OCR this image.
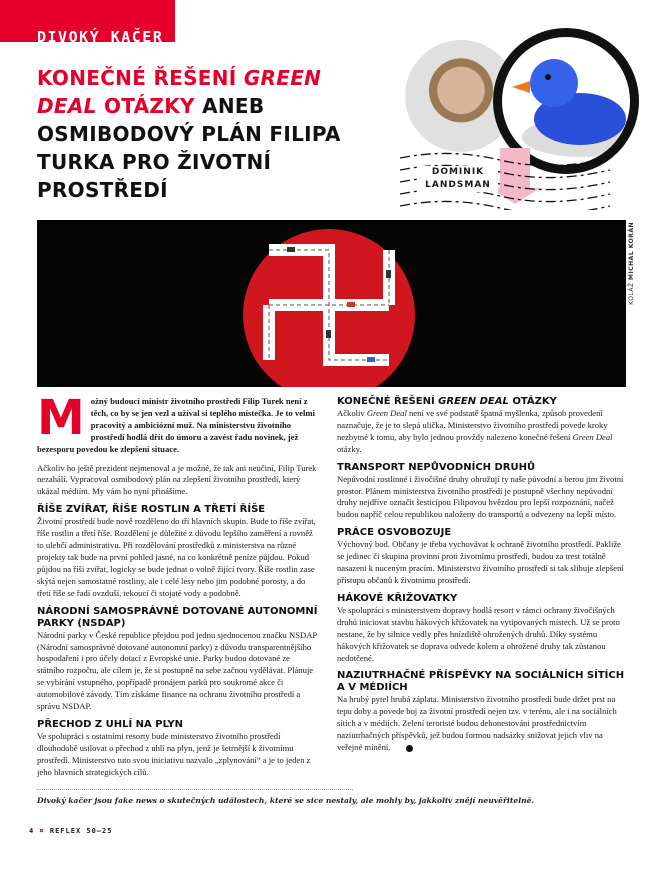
DIVOKÝ KAČER
KONEČNÉ ŘEŠENÍ GREEN DEAL OTÁZKY ANEB OSMIBODOVÝ PLÁN FILIPA TURKA PRO ŽIVOTNÍ PROSTŘEDÍ
DOMINIK
LANDSMAN
KOLÁŽ MICHAL KORÁN
Možný budoucí ministr životního prostředí Filip Turek není z těch, co by se jen vezl a užíval si teplého místečka. Je to velmi pracovitý a ambiciózní muž. Na ministerstvu životního prostředí hodlá dřít do úmoru a zavést řadu novinek, jež bezesporu povedou ke zlepšení situace.

Ačkoliv ho ještě prezident nejmenoval a je možné, že tak ani neučiní, Filip Turek nezahálí. Vypracoval osmibodový plán na zlepšení životního prostředí, který ukázal médiím. My vám ho nyní přinášíme.

ŘÍŠE ZVÍŘAT, ŘÍŠE ROSTLIN A TŘETÍ ŘÍŠE

Životní prostředí bude nově rozděleno do tří hlavních skupin. Bude to říše zvířat, říše rostlin a třetí říše. Rozdělení je důležité z důvodu lepšího zaměření a rovněž to ulehčí administrativu. Při rozdělování prostředků z ministerstva na různé projekty tak bude na první pohled jasné, na co konkrétně peníze půjdou. Pokud půjdou na říši zvířat, logicky se bude jednat o volně žijící tvory. Říše rostlin zase skýtá nejen samostatné rostliny, ale i celé lesy nebo jim podobné porosty, a do třetí říše se řadí ovzduší, tekoucí či stojaté vody a podobně.

NÁRODNÍ SAMOSPRÁVNÉ DOTOVANÉ AUTONOMNÍ PARKY (NSDAP)

Národní parky v České republice přejdou pod jednu sjednocenou značku NSDAP (Národní samosprávné dotované autonomní parky) z důvodu transparentnějšího hospodaření i pro účely dotací z Evropské unie. Parky budou dotované ze státního rozpočtu, ale cílem je, že si postupně na sebe začnou vydělávat. Plánuje se vybírání vstupného, popřípadě pronájem parků pro soukromé akce či automobilové závody. Tím získáme finance na ochranu životního prostředí a správu NSDAP.

PŘECHOD Z UHLÍ NA PLYN

Ve spolupráci s ostatními resorty bude ministerstvo životního prostředí dlouhodobě usilovat o přechod z uhlí na plyn, jenž je šetrnější k životnímu prostředí. Ministerstvo tuto svou iniciativu nazvalo „zplynování“ a je to jeden z jeho hlavních strategických cílů.

KONEČNÉ ŘEŠENÍ GREEN DEAL OTÁZKY

Ačkoliv Green Deal není ve své podstatě špatná myšlenka, způsob provedení naznačuje, že je to slepá ulička. Ministerstvo životního prostředí povede kroky nezbytné k tomu, aby bylo jednou provždy nalezeno konečné řešení Green Deal otázky.

TRANSPORT NEPŮVODNÍCH DRUHŮ

Nepůvodní rostlinné i živočišné druhy ohrožují ty naše původní a berou jim životní prostor. Plánem ministerstva životního prostředí je postupně všechny nepůvodní druhy nejdříve označit šesticípou Filipovou hvězdou pro lepší rozpoznání, načež budou napříč celou republikou naloženy do transportů a odvezeny na lepší místo.

PRÁCE OSVOBOZUJE

Výchovný bod. Občany je třeba vychovávat k ochraně životního prostředí. Pakliže se jedinec či skupina provinní proti životnímu prostředí, budou za trest totálně nasazeni k nuceným pracím. Ministerstvo životního prostředí si tak slibuje zlepšení přístupu občanů k životnímu prostředí.

HÁKOVÉ KŘIŽOVATKY

Ve spolupráci s ministerstvem dopravy hodlá resort v rámci ochrany živočišných druhů iniciovat stavbu hákových křižovatek na vytipovaných místech. Už se proto nestane, že by silnice vedly přes hnízdiště ohrožených druhů. Díky systému hákových křižovatek se doprava odvede kolem a ohrožené druhy tak zůstanou nedotčené.

NAZIUTRHAČNÉ PŘÍSPĚVKY NA SOCIÁLNÍCH SÍTÍCH A V MÉDIÍCH

Na hrubý pytel hrubá záplata. Ministerstvo životního prostředí bude držet prst na tepu doby a povede boj za životní prostředí nejen tzv. v terénu, ale i na sociálních sítích a v médiích. Zelení teroristé budou dehonestováni prostřednictvím naziutrhačných příspěvků, jež budou formou nadsázky snižovat jejich vliv na veřejné mínění.

Divoký kačer jsou fake news o skutečných událostech, které se sice nestaly, ale mohly by, jakkoliv znějí neuvěřitelně.
4 ✖ REFLEX 50—25
